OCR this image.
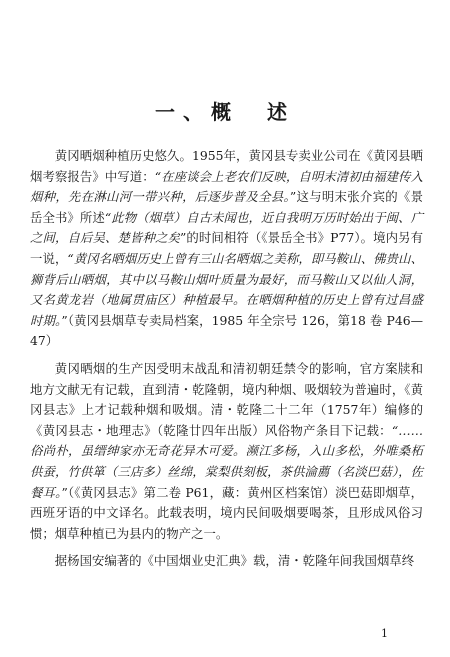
一、概　述

黄冈晒烟种植历史悠久。1955年，黄冈县专卖业公司在《黄冈县晒烟考察报告》中写道：“在座谈会上老农们反映，自明末清初由福建传入烟种，先在淋山河一带兴种，后逐步普及全县。”这与明末张介宾的《景岳全书》所述“此物（烟草）自古未闻也，近自我明万历时始出于闽、广之间，自后吴、楚皆种之矣”的时间相符（《景岳全书》P77）。境内另有一说，“黄冈名晒烟历史上曾有三山名晒烟之美称，即马鞍山、佛贵山、狮背后山晒烟，其中以马鞍山烟叶质量为最好，而马鞍山又以仙人洞，又名黄龙岩（地属贯庙区）种植最早。在晒烟种植的历史上曾有过昌盛时期。”（黄冈县烟草专卖局档案，1985 年全宗号 126，第18 卷 P46—47）

黄冈晒烟的生产因受明末战乱和清初朝廷禁令的影响，官方案牍和地方文献无有记载，直到清・乾隆朝，境内种烟、吸烟较为普遍时，《黄冈县志》上才记载种烟和吸烟。清・乾隆二十二年（1757年）编修的《黄冈县志・地理志》（乾隆廿四年出版）风俗物产条目下记载：“……俗尚朴，虽缙绅家亦无奇花异木可爱。濒江多杨，入山多松，外唯桑柘供蚕，竹供箪（三店多）丝绵，棠梨供刻板，茶供淪薦（名淡巴菇），佐餐耳。”（《黄冈县志》第二卷 P61，藏：黄州区档案馆）淡巴菇即烟草，西班牙语的中文译名。此载表明，境内民间吸烟要喝茶，且形成风俗习惯；烟草种植已为县内的物产之一。

据杨国安编著的《中国烟业史汇典》载，清・乾隆年间我国烟草终

1
